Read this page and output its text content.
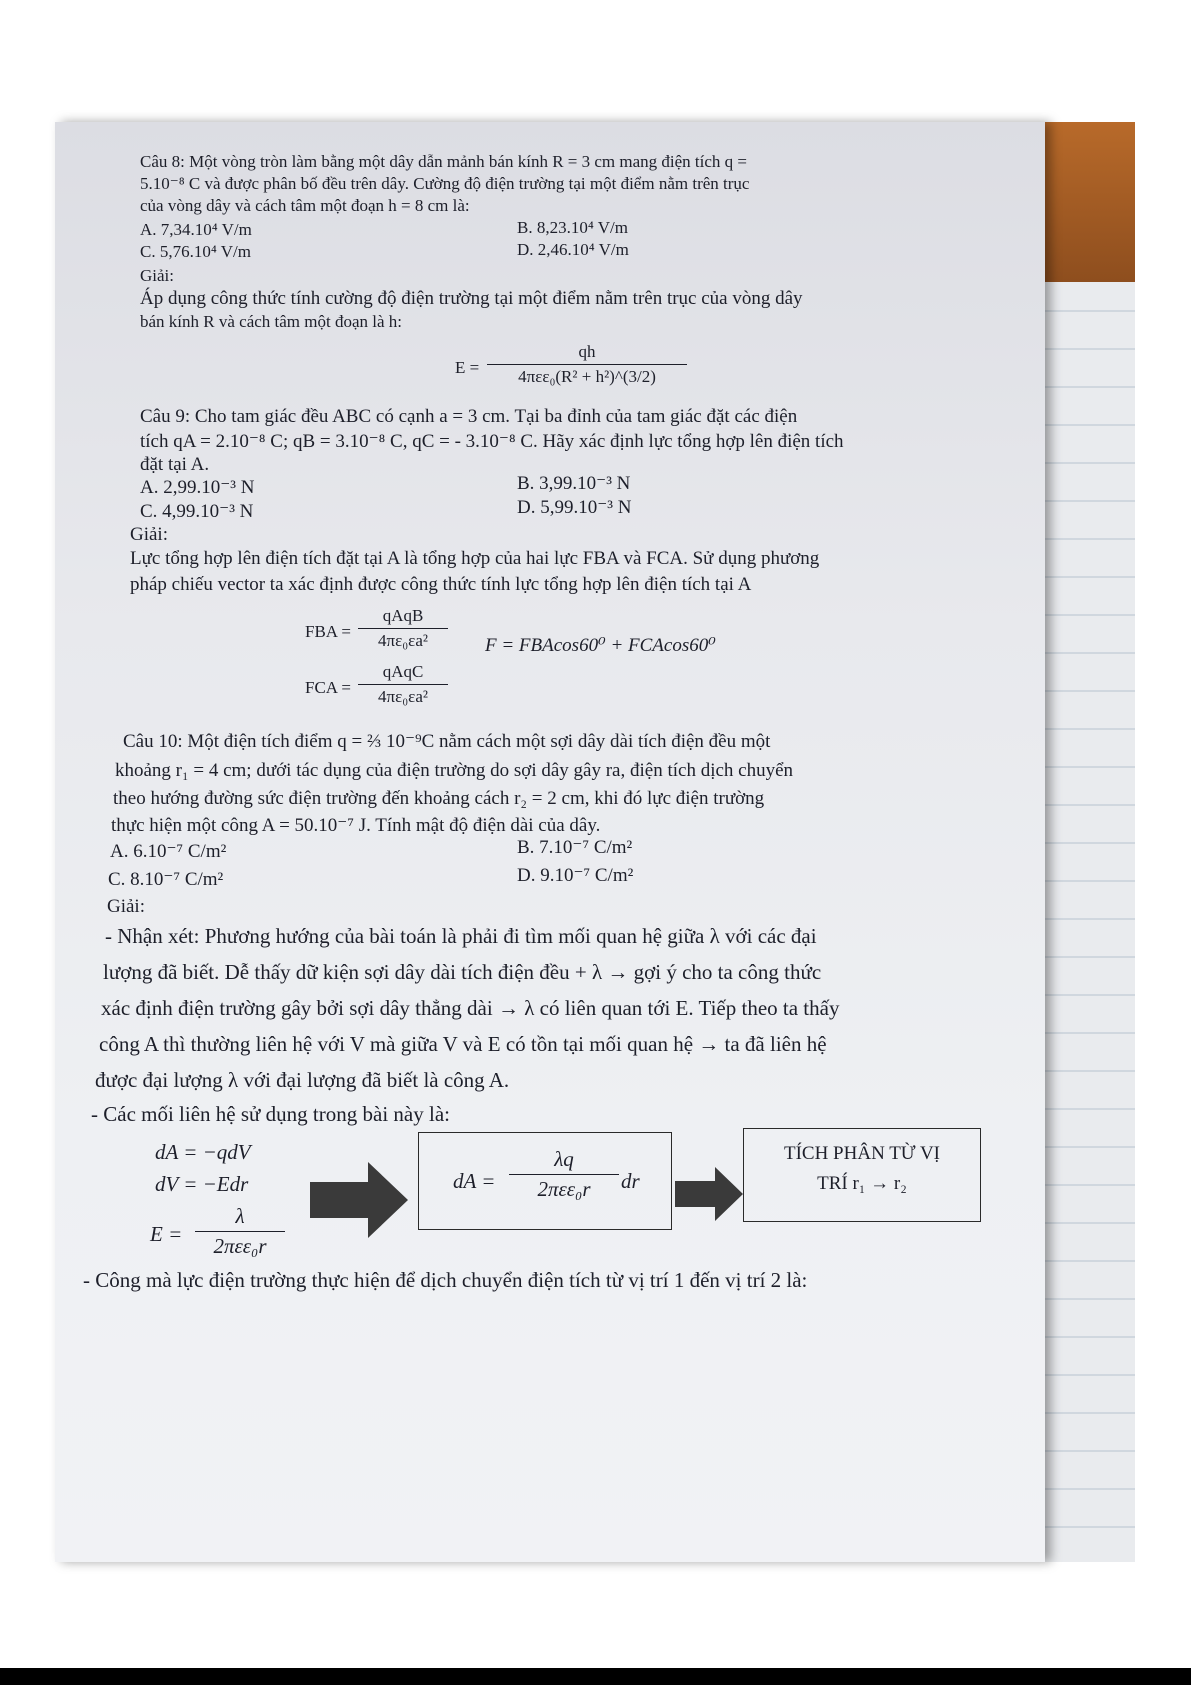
Câu 8: Một vòng tròn làm bằng một dây dẫn mảnh bán kính R = 3 cm mang điện tích q =
5.10⁻⁸ C và được phân bố đều trên dây. Cường độ điện trường tại một điểm nằm trên trục
của vòng dây và cách tâm một đoạn h = 8 cm là:
A. 7,34.10⁴ V/m	B. 8,23.10⁴ V/m
C. 5,76.10⁴ V/m	D. 2,46.10⁴ V/m
Giải:
Áp dụng công thức tính cường độ điện trường tại một điểm nằm trên trục của vòng dây
bán kính R và cách tâm một đoạn là h:
E =
qh
4πεε₀(R² + h²)^(3/2)
Câu 9: Cho tam giác đều ABC có cạnh a = 3 cm. Tại ba đỉnh của tam giác đặt các điện
tích qA = 2.10⁻⁸ C; qB = 3.10⁻⁸ C, qC = - 3.10⁻⁸ C. Hãy xác định lực tổng hợp lên điện tích
đặt tại A.
A. 2,99.10⁻³ N	B. 3,99.10⁻³ N
C. 4,99.10⁻³ N	D. 5,99.10⁻³ N
Giải:
Lực tổng hợp lên điện tích đặt tại A là tổng hợp của hai lực FBA và FCA. Sử dụng phương
pháp chiếu vector ta xác định được công thức tính lực tổng hợp lên điện tích tại A
FBA =
qAqB
4πε₀εa²
FCA =
qAqC
4πε₀εa²
F = FBAcos60⁰ + FCAcos60⁰
Câu 10: Một điện tích điểm q = ⅔ 10⁻⁹C nằm cách một sợi dây dài tích điện đều một
khoảng r₁ = 4 cm; dưới tác dụng của điện trường do sợi dây gây ra, điện tích dịch chuyển
theo hướng đường sức điện trường đến khoảng cách r₂ = 2 cm, khi đó lực điện trường
thực hiện một công A = 50.10⁻⁷ J. Tính mật độ điện dài của dây.
A. 6.10⁻⁷ C/m²	B. 7.10⁻⁷ C/m²
C. 8.10⁻⁷ C/m²	D. 9.10⁻⁷ C/m²
Giải:
- Nhận xét: Phương hướng của bài toán là phải đi tìm mối quan hệ giữa λ với các đại
lượng đã biết. Dễ thấy dữ kiện sợi dây dài tích điện đều + λ → gợi ý cho ta công thức
xác định điện trường gây bởi sợi dây thẳng dài → λ có liên quan tới E. Tiếp theo ta thấy
công A thì thường liên hệ với V mà giữa V và E có tồn tại mối quan hệ → ta đã liên hệ
được đại lượng λ với đại lượng đã biết là công A.
- Các mối liên hệ sử dụng trong bài này là:
dA = −qdV
dV = −Edr
E =
λ
2πεε₀r
dA =
λq
2πεε₀r	dr
TÍCH PHÂN TỪ VỊ
TRÍ r₁ → r₂
- Công mà lực điện trường thực hiện để dịch chuyển điện tích từ vị trí 1 đến vị trí 2 là:
